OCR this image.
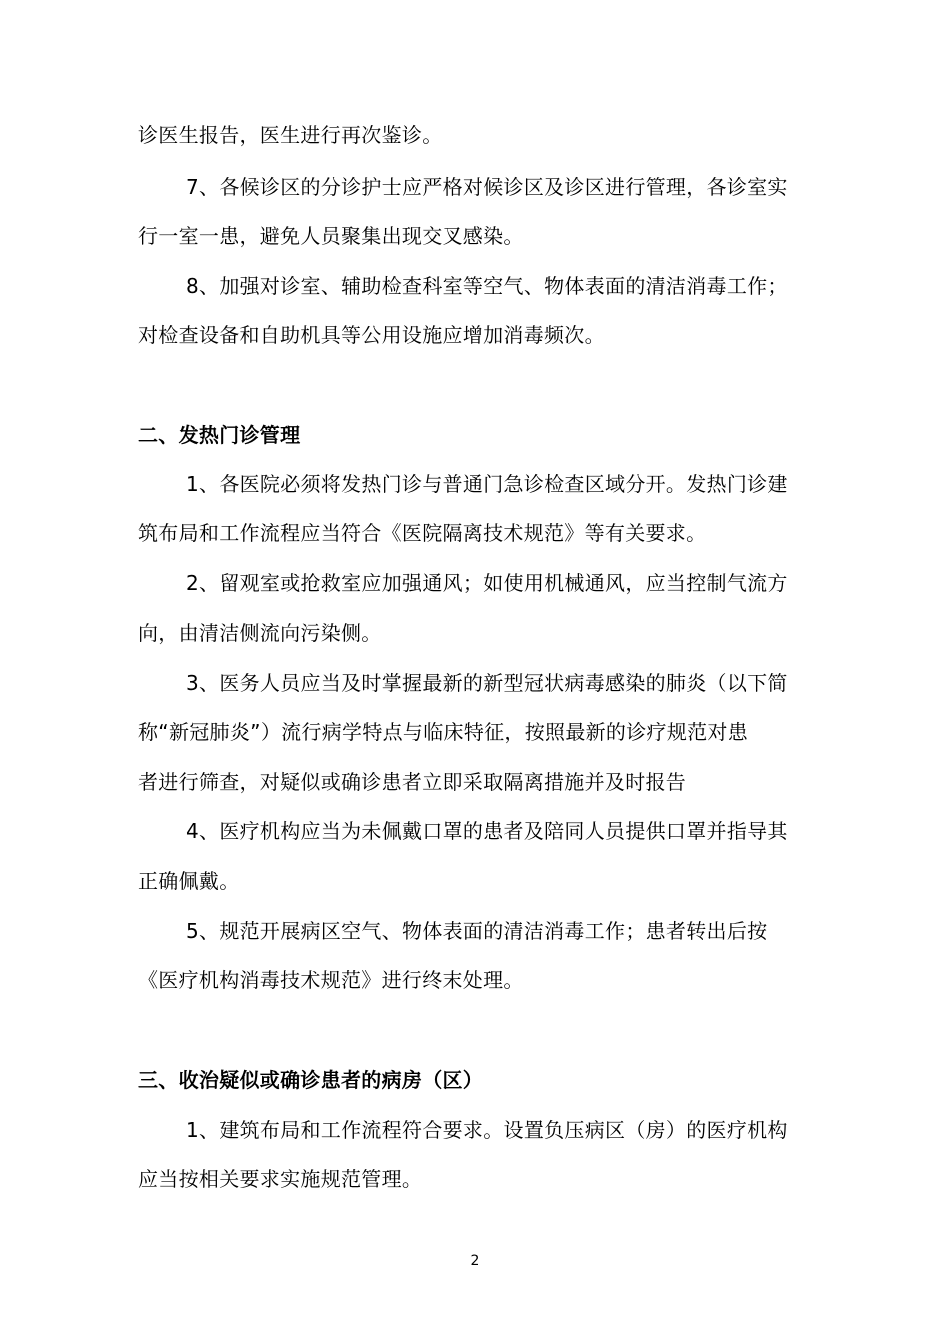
诊医生报告，医生进行再次鉴诊。
7、各候诊区的分诊护士应严格对候诊区及诊区进行管理，各诊室实
行一室一患，避免人员聚集出现交叉感染。
8、加强对诊室、辅助检查科室等空气、物体表面的清洁消毒工作；
对检查设备和自助机具等公用设施应增加消毒频次。
二、发热门诊管理
1、各医院必须将发热门诊与普通门急诊检查区域分开。发热门诊建
筑布局和工作流程应当符合《医院隔离技术规范》等有关要求。
2、留观室或抢救室应加强通风；如使用机械通风，应当控制气流方
向，由清洁侧流向污染侧。
3、医务人员应当及时掌握最新的新型冠状病毒感染的肺炎（以下简
称“新冠肺炎”）流行病学特点与临床特征，按照最新的诊疗规范对患
者进行筛查，对疑似或确诊患者立即采取隔离措施并及时报告
4、医疗机构应当为未佩戴口罩的患者及陪同人员提供口罩并指导其
正确佩戴。
5、规范开展病区空气、物体表面的清洁消毒工作；患者转出后按
《医疗机构消毒技术规范》进行终末处理。
三、收治疑似或确诊患者的病房（区）
1、建筑布局和工作流程符合要求。设置负压病区（房）的医疗机构
应当按相关要求实施规范管理。
2
